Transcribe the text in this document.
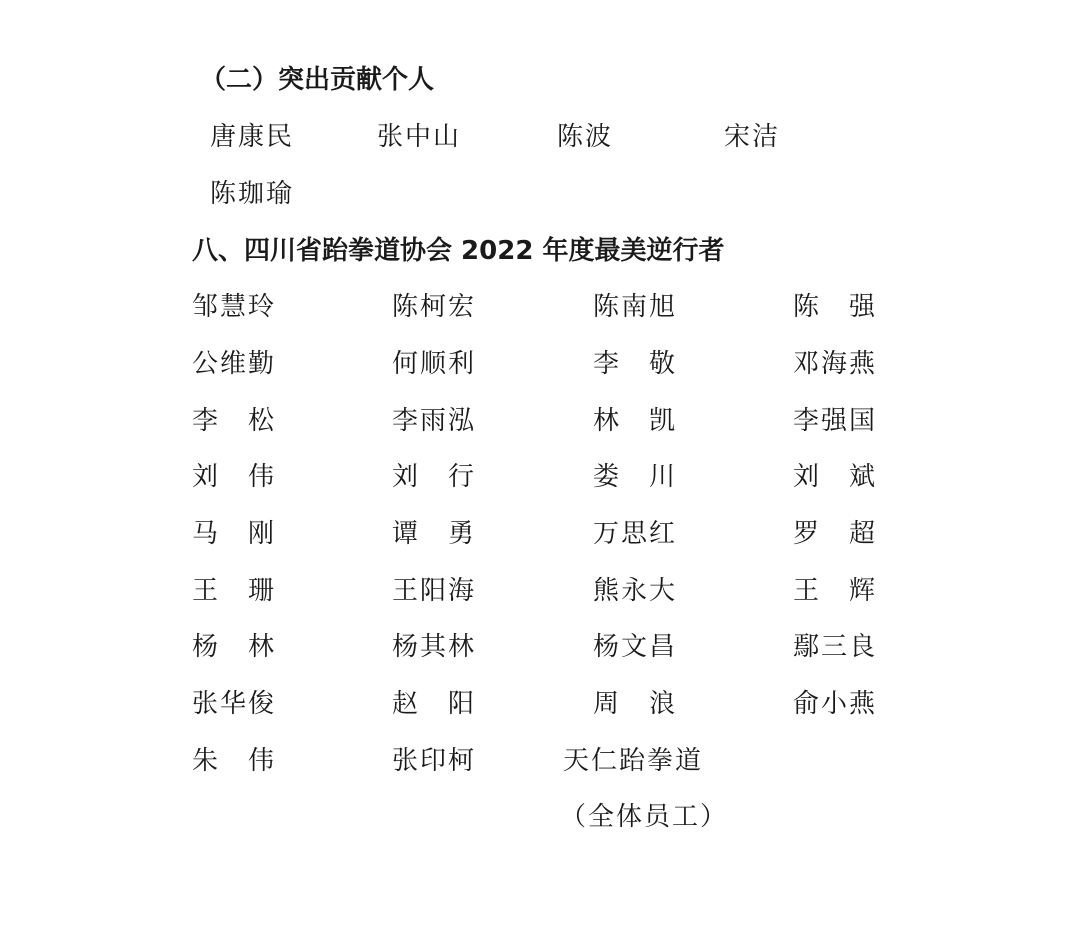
（二）突出贡献个人
唐康民	张中山	陈波	宋洁
陈珈瑜
八、四川省跆拳道协会 2022 年度最美逆行者
邹慧玲	陈柯宏	陈南旭	陈　强
公维勤	何顺利	李　敬	邓海燕
李　松	李雨泓	林　凯	李强国
刘　伟	刘　行	娄　川	刘　斌
马　刚	谭　勇	万思红	罗　超
王　珊	王阳海	熊永大	王　辉
杨　林	杨其林	杨文昌	鄢三良
张华俊	赵　阳	周　浪	俞小燕
朱　伟	张印柯	天仁跆拳道
（全体员工）
